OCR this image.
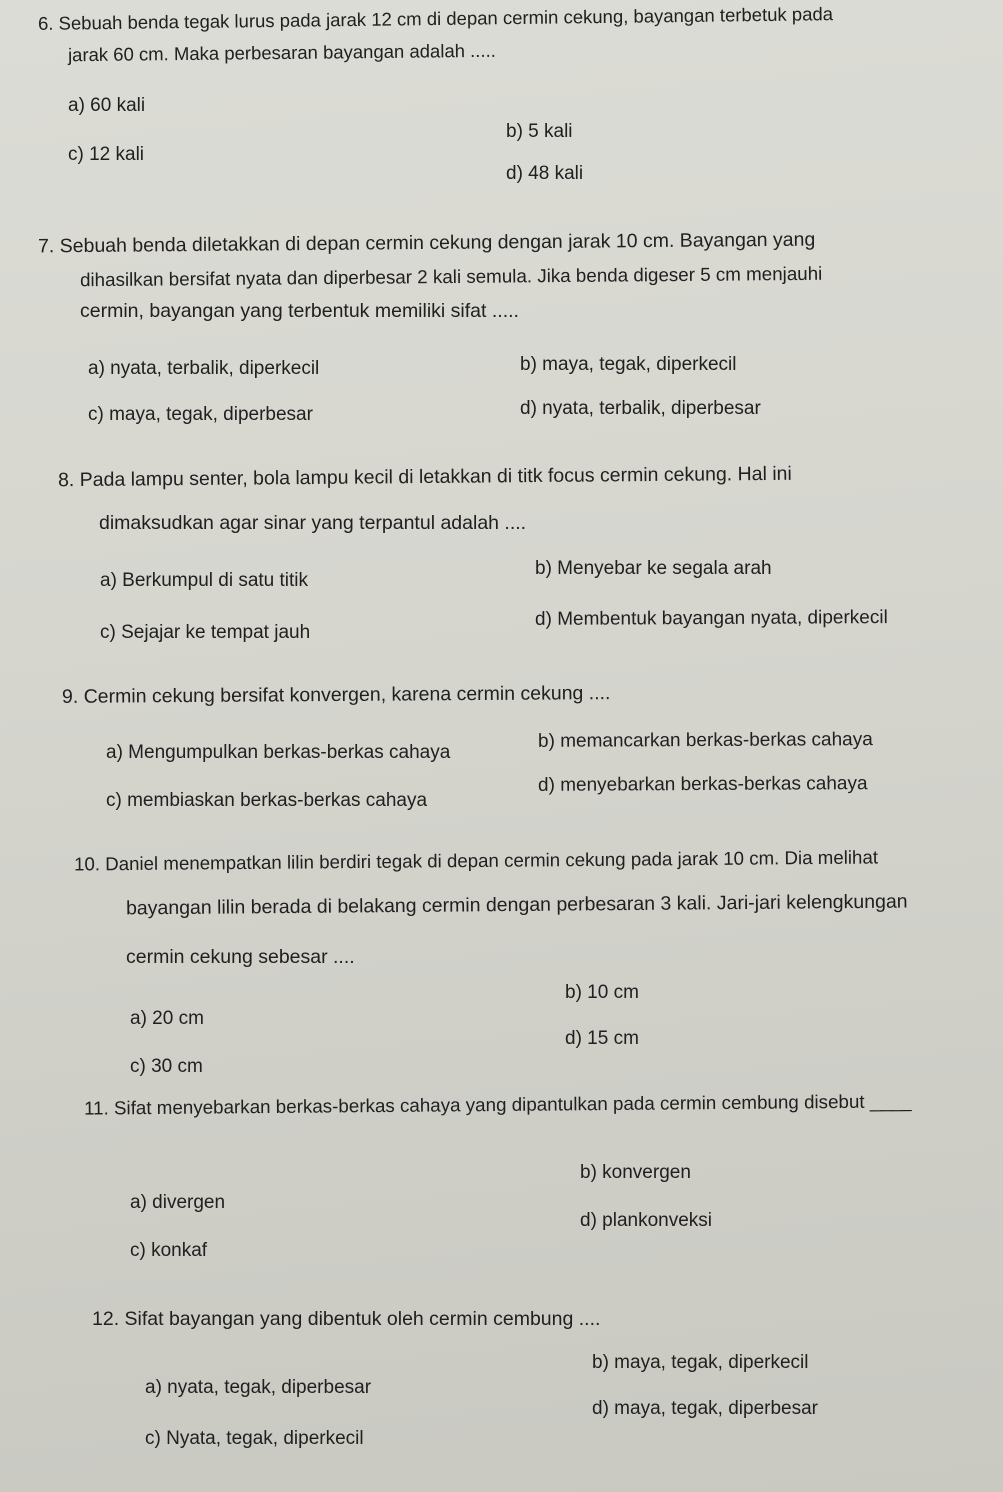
6. Sebuah benda tegak lurus pada jarak 12 cm di depan cermin cekung, bayangan terbetuk pada
jarak 60 cm. Maka perbesaran bayangan adalah .....
a) 60 kali
b) 5 kali
c) 12 kali
d) 48 kali
7. Sebuah benda diletakkan di depan cermin cekung dengan jarak 10 cm. Bayangan yang
dihasilkan bersifat nyata dan diperbesar 2 kali semula. Jika benda digeser 5 cm menjauhi
cermin, bayangan yang terbentuk memiliki sifat .....
a) nyata, terbalik, diperkecil	b) maya, tegak, diperkecil
c) maya, tegak, diperbesar	d) nyata, terbalik, diperbesar
8. Pada lampu senter, bola lampu kecil di letakkan di titk focus cermin cekung. Hal ini
dimaksudkan agar sinar yang terpantul adalah ....
a) Berkumpul di satu titik
b) Menyebar ke segala arah
c) Sejajar ke tempat jauh
d) Membentuk bayangan nyata, diperkecil
9. Cermin cekung bersifat konvergen, karena cermin cekung ....
a) Mengumpulkan berkas-berkas cahaya
b) memancarkan berkas-berkas cahaya
c) membiaskan berkas-berkas cahaya
d) menyebarkan berkas-berkas cahaya
10. Daniel menempatkan lilin berdiri tegak di depan cermin cekung pada jarak 10 cm. Dia melihat
bayangan lilin berada di belakang cermin dengan perbesaran 3 kali. Jari-jari kelengkungan
cermin cekung sebesar ....
a) 20 cm
b) 10 cm
c) 30 cm
d) 15 cm
11. Sifat menyebarkan berkas-berkas cahaya yang dipantulkan pada cermin cembung disebut ____
a) divergen
b) konvergen
c) konkaf
d) plankonveksi
12. Sifat bayangan yang dibentuk oleh cermin cembung ....
a) nyata, tegak, diperbesar
b) maya, tegak, diperkecil
c) Nyata, tegak, diperkecil
d) maya, tegak, diperbesar
